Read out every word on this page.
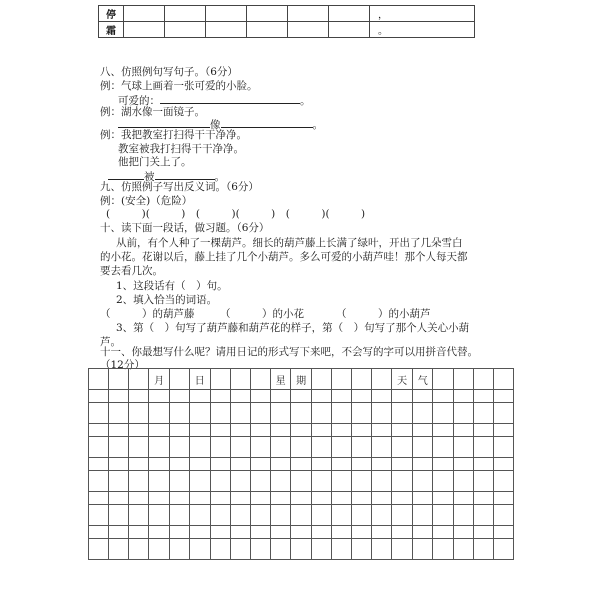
停							，
霜							。
八、仿照例句写句子。（6分）
例：气球上画着一张可爱的小脸。
可爱的：	。
例：湖水像一面镜子。
像	。
例：我把教室打扫得干干净净。
教室被我打扫得干干净净。
他把门关上了。
被	。
九、仿照例子写出反义词。（6分）
例：(安全)（危险）
(　　　)(　　　)　(　　　)(　　　)　(　　　)(　　　)
十、读下面一段话，做习题。（6分）
从前，有个人种了一棵葫芦。细长的葫芦藤上长满了绿叶，开出了几朵雪白
的小花。花谢以后，藤上挂了几个小葫芦。多么可爱的小葫芦哇！那个人每天都
要去看几次。
1、这段话有（　）句。
2、填入恰当的词语。
（　　　）的葫芦藤 （　　　）的小花	（　　　）的小葫芦
3、第（　）句写了葫芦藤和葫芦花的样子，第（　）句写了那个人关心小葫
芦。
十一、你最想写什么呢？请用日记的形式写下来吧，不会写的字可以用拼音代替。
（12分）
			月		日				星	期					天	气				
